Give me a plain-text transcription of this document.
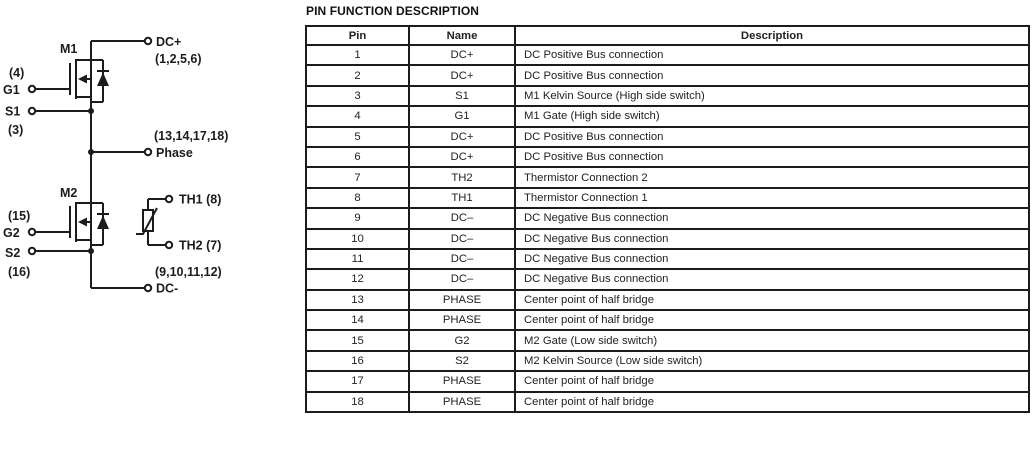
DC+
(1,2,5,6)
M1
(4)
G1
S1
(3)	(13,14,17,18)
Phase
M2
(15)
G2
S2
(16)	(9,10,11,12)
DC-
TH1 (8)
TH2 (7)
PIN FUNCTION DESCRIPTION
Pin	Name	Description
1	DC+	DC Positive Bus connection
2	DC+	DC Positive Bus connection
3	S1	M1 Kelvin Source (High side switch)
4	G1	M1 Gate (High side switch)
5	DC+	DC Positive Bus connection
6	DC+	DC Positive Bus connection
7	TH2	Thermistor Connection 2
8	TH1	Thermistor Connection 1
9	DC–	DC Negative Bus connection
10	DC–	DC Negative Bus connection
11	DC–	DC Negative Bus connection
12	DC–	DC Negative Bus connection
13	PHASE	Center point of half bridge
14	PHASE	Center point of half bridge
15	G2	M2 Gate (Low side switch)
16	S2	M2 Kelvin Source (Low side switch)
17	PHASE	Center point of half bridge
18	PHASE	Center point of half bridge
